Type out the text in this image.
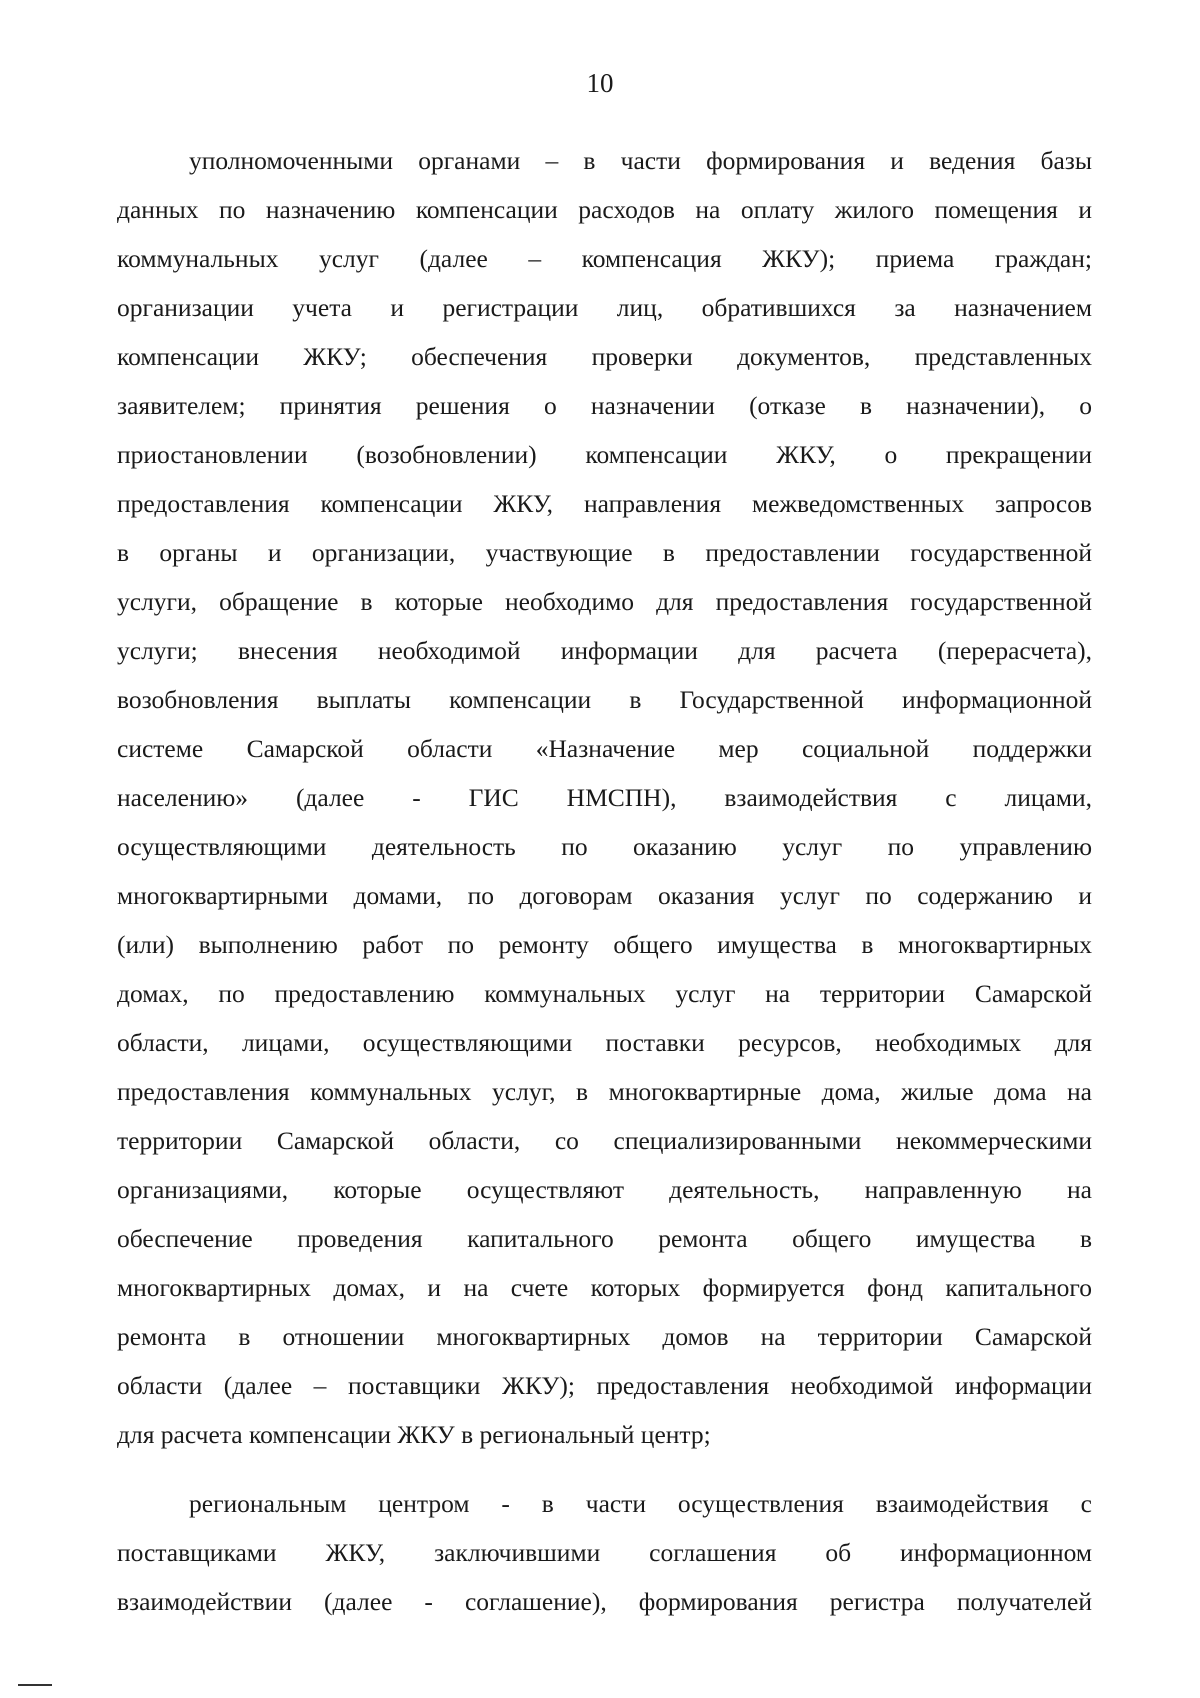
10
уполномоченными органами – в части формирования и ведения базы
данных по назначению компенсации расходов на оплату жилого помещения и
коммунальных услуг (далее – компенсация ЖКУ); приема граждан;
организации учета и регистрации лиц, обратившихся за назначением
компенсации ЖКУ; обеспечения проверки документов, представленных
заявителем; принятия решения о назначении (отказе в назначении), о
приостановлении (возобновлении) компенсации ЖКУ, о прекращении
предоставления компенсации ЖКУ, направления межведомственных запросов
в органы и организации, участвующие в предоставлении государственной
услуги, обращение в которые необходимо для предоставления государственной
услуги; внесения необходимой информации для расчета (перерасчета),
возобновления выплаты компенсации в Государственной информационной
системе Самарской области «Назначение мер социальной поддержки
населению» (далее - ГИС НМСПН), взаимодействия с лицами,
осуществляющими деятельность по оказанию услуг по управлению
многоквартирными домами, по договорам оказания услуг по содержанию и
(или) выполнению работ по ремонту общего имущества в многоквартирных
домах, по предоставлению коммунальных услуг на территории Самарской
области, лицами, осуществляющими поставки ресурсов, необходимых для
предоставления коммунальных услуг, в многоквартирные дома, жилые дома на
территории Самарской области, со специализированными некоммерческими
организациями, которые осуществляют деятельность, направленную на
обеспечение проведения капитального ремонта общего имущества в
многоквартирных домах, и на счете которых формируется фонд капитального
ремонта в отношении многоквартирных домов на территории Самарской
области (далее – поставщики ЖКУ); предоставления необходимой информации
для расчета компенсации ЖКУ в региональный центр;
региональным центром - в части осуществления взаимодействия с
поставщиками ЖКУ, заключившими соглашения об информационном
взаимодействии (далее - соглашение), формирования регистра получателей
